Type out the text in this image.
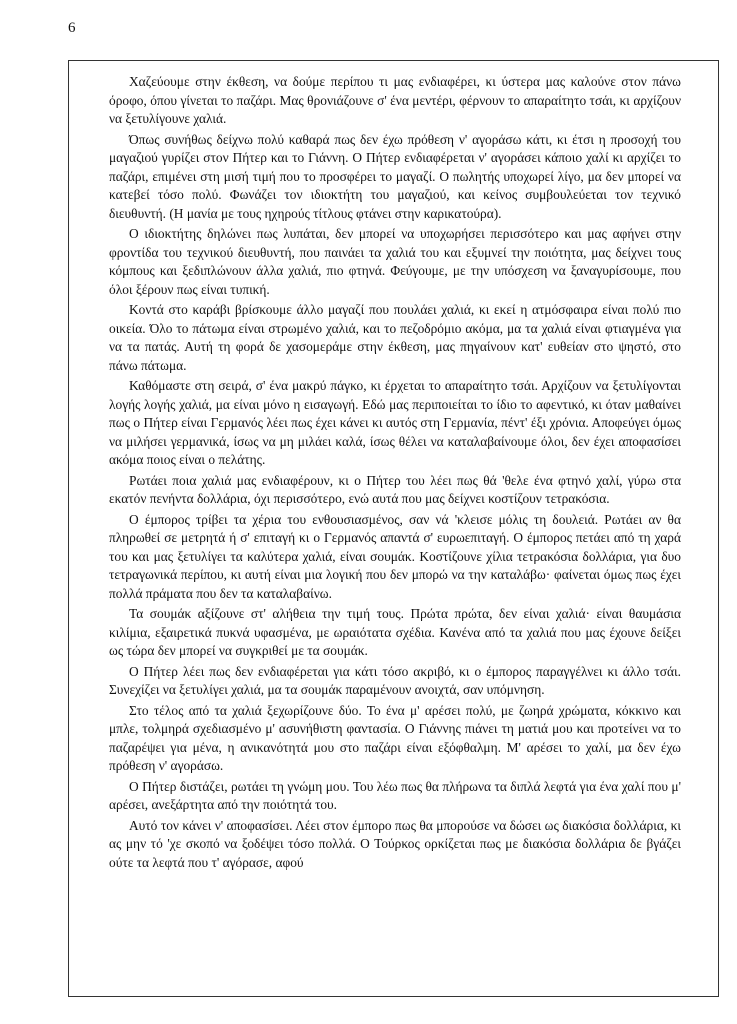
6

Χαζεύουμε στην έκθεση, να δούμε περίπου τι μας ενδιαφέρει, κι ύστερα μας καλούνε στον πάνω όροφο, όπου γίνεται το παζάρι. Μας θρονιάζουνε σ' ένα μεντέρι, φέρνουν το απαραίτητο τσάι, κι αρχίζουν να ξετυλίγουνε χαλιά.

Όπως συνήθως δείχνω πολύ καθαρά πως δεν έχω πρόθεση ν' αγοράσω κάτι, κι έτσι η προσοχή του μαγαζιού γυρίζει στον Πήτερ και το Γιάννη. Ο Πήτερ ενδιαφέρεται ν' αγοράσει κάποιο χαλί κι αρχίζει το παζάρι, επιμένει στη μισή τιμή που το προσφέρει το μαγαζί. Ο πωλητής υποχωρεί λίγο, μα δεν μπορεί να κατεβεί τόσο πολύ. Φωνάζει τον ιδιοκτήτη του μαγαζιού, και κείνος συμβουλεύεται τον τεχνικό διευθυντή. (Η μανία με τους ηχηρούς τίτλους φτάνει στην καρικατούρα).

Ο ιδιοκτήτης δηλώνει πως λυπάται, δεν μπορεί να υποχωρήσει περισσότερο και μας αφήνει στην φροντίδα του τεχνικού διευθυντή, που παινάει τα χαλιά του και εξυμνεί την ποιότητα, μας δείχνει τους κόμπους και ξεδιπλώνουν άλλα χαλιά, πιο φτηνά. Φεύγουμε, με την υπόσχεση να ξαναγυρίσουμε, που όλοι ξέρουν πως είναι τυπική.

Κοντά στο καράβι βρίσκουμε άλλο μαγαζί που πουλάει χαλιά, κι εκεί η ατμόσφαιρα είναι πολύ πιο οικεία. Όλο το πάτωμα είναι στρωμένο χαλιά, και το πεζοδρόμιο ακόμα, μα τα χαλιά είναι φτιαγμένα για να τα πατάς. Αυτή τη φορά δε χασομεράμε στην έκθεση, μας πηγαίνουν κατ' ευθείαν στο ψηστό, στο πάνω πάτωμα.

Καθόμαστε στη σειρά, σ' ένα μακρύ πάγκο, κι έρχεται το απαραίτητο τσάι. Αρχίζουν να ξετυλίγονται λογής λογής χαλιά, μα είναι μόνο η εισαγωγή. Εδώ μας περιποιείται το ίδιο το αφεντικό, κι όταν μαθαίνει πως ο Πήτερ είναι Γερμανός λέει πως έχει κάνει κι αυτός στη Γερμανία, πέντ' έξι χρόνια. Αποφεύγει όμως να μιλήσει γερμανικά, ίσως να μη μιλάει καλά, ίσως θέλει να καταλαβαίνουμε όλοι, δεν έχει αποφασίσει ακόμα ποιος είναι ο πελάτης.

Ρωτάει ποια χαλιά μας ενδιαφέρουν, κι ο Πήτερ του λέει πως θά 'θελε ένα φτηνό χαλί, γύρω στα εκατόν πενήντα δολλάρια, όχι περισσότερο, ενώ αυτά που μας δείχνει κοστίζουν τετρακόσια.

Ο έμπορος τρίβει τα χέρια του ενθουσιασμένος, σαν νά 'κλεισε μόλις τη δουλειά. Ρωτάει αν θα πληρωθεί σε μετρητά ή σ' επιταγή κι ο Γερμανός απαντά σ' ευρωεπιταγή. Ο έμπορος πετάει από τη χαρά του και μας ξετυλίγει τα καλύτερα χαλιά, είναι σουμάκ. Κοστίζουνε χίλια τετρακόσια δολλάρια, για δυο τετραγωνικά περίπου, κι αυτή είναι μια λογική που δεν μπορώ να την καταλάβω· φαίνεται όμως πως έχει πολλά πράματα που δεν τα καταλαβαίνω.

Τα σουμάκ αξίζουνε στ' αλήθεια την τιμή τους. Πρώτα πρώτα, δεν είναι χαλιά· είναι θαυμάσια κιλίμια, εξαιρετικά πυκνά υφασμένα, με ωραιότατα σχέδια. Κανένα από τα χαλιά που μας έχουνε δείξει ως τώρα δεν μπορεί να συγκριθεί με τα σουμάκ.

Ο Πήτερ λέει πως δεν ενδιαφέρεται για κάτι τόσο ακριβό, κι ο έμπορος παραγγέλνει κι άλλο τσάι. Συνεχίζει να ξετυλίγει χαλιά, μα τα σουμάκ παραμένουν ανοιχτά, σαν υπόμνηση.

Στο τέλος από τα χαλιά ξεχωρίζουνε δύο. Το ένα μ' αρέσει πολύ, με ζωηρά χρώματα, κόκκινο και μπλε, τολμηρά σχεδιασμένο μ' ασυνήθιστη φαντασία. Ο Γιάννης πιάνει τη ματιά μου και προτείνει να το παζαρέψει για μένα, η ανικανότητά μου στο παζάρι είναι εξόφθαλμη. Μ' αρέσει το χαλί, μα δεν έχω πρόθεση ν' αγοράσω.

Ο Πήτερ διστάζει, ρωτάει τη γνώμη μου. Του λέω πως θα πλήρωνα τα διπλά λεφτά για ένα χαλί που μ' αρέσει, ανεξάρτητα από την ποιότητά του.

Αυτό τον κάνει ν' αποφασίσει. Λέει στον έμπορο πως θα μπορούσε να δώσει ως διακόσια δολλάρια, κι ας μην τό 'χε σκοπό να ξοδέψει τόσο πολλά. Ο Τούρκος ορκίζεται πως με διακόσια δολλάρια δε βγάζει ούτε τα λεφτά που τ' αγόρασε, αφού
